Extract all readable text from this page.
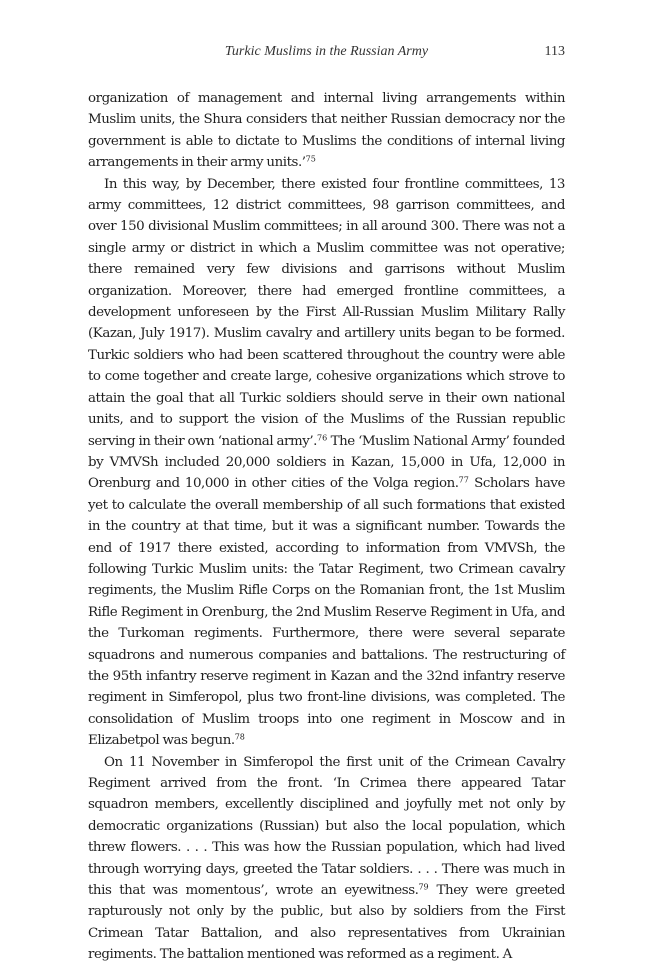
Turkic Muslims in the Russian Army	113

organization of management and internal living arrangements within Muslim units, the Shura considers that neither Russian democracy nor the government is able to dictate to Muslims the conditions of internal living arrangements in their army units.’$^{75}$

In this way, by December, there existed four frontline committees, 13 army committees, 12 district committees, 98 garrison committees, and over 150 divisional Muslim committees; in all around 300. There was not a single army or district in which a Muslim committee was not operative; there remained very few divisions and garrisons without Muslim organization. Moreover, there had emerged frontline committees, a development unforeseen by the First All-Russian Muslim Military Rally (Kazan, July 1917). Muslim cavalry and artillery units began to be formed. Turkic soldiers who had been scattered throughout the country were able to come together and create large, cohesive organizations which strove to attain the goal that all Turkic soldiers should serve in their own national units, and to support the vision of the Muslims of the Russian republic serving in their own ‘national army’.$^{76}$ The ‘Muslim National Army’ founded by VMVSh included 20,000 soldiers in Kazan, 15,000 in Ufa, 12,000 in Orenburg and 10,000 in other cities of the Volga region.$^{77}$ Scholars have yet to calculate the overall membership of all such formations that existed in the country at that time, but it was a significant number. Towards the end of 1917 there existed, according to information from VMVSh, the following Turkic Muslim units: the Tatar Regiment, two Crimean cavalry regiments, the Muslim Rifle Corps on the Romanian front, the 1st Muslim Rifle Regiment in Orenburg, the 2nd Muslim Reserve Regiment in Ufa, and the Turkoman regiments. Furthermore, there were several separate squadrons and numerous companies and battalions. The restructuring of the 95th infantry reserve regiment in Kazan and the 32nd infantry reserve regiment in Simferopol, plus two front-line divisions, was completed. The consolidation of Muslim troops into one regiment in Moscow and in Elizabetpol was begun.$^{78}$

On 11 November in Simferopol the first unit of the Crimean Cavalry Regiment arrived from the front. ‘In Crimea there appeared Tatar squadron members, excellently disciplined and joyfully met not only by democratic organizations (Russian) but also the local population, which threw flowers. . . . This was how the Russian population, which had lived through worrying days, greeted the Tatar soldiers. . . . There was much in this that was momentous’, wrote an eyewitness.$^{79}$ They were greeted rapturously not only by the public, but also by soldiers from the First Crimean Tatar Battalion, and also representatives from Ukrainian regiments. The battalion mentioned was reformed as a regiment. A
